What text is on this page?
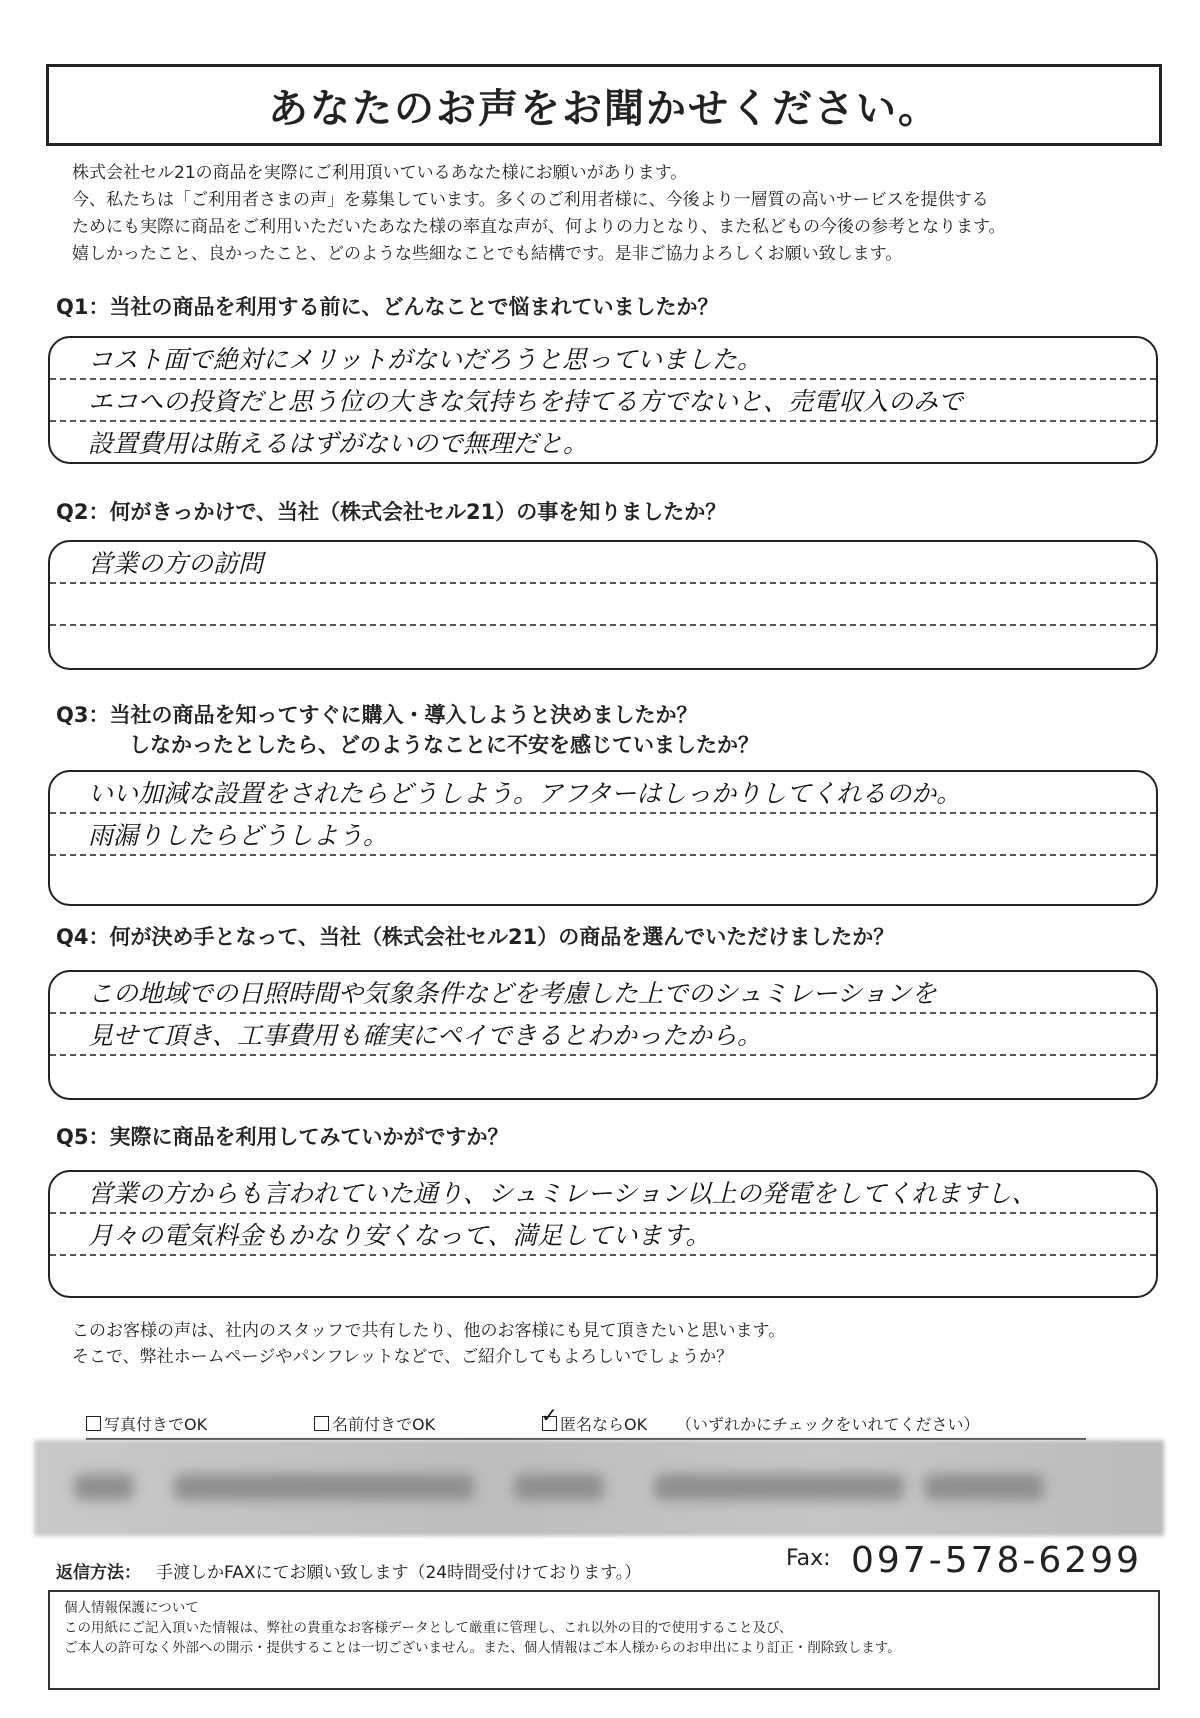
あなたのお声をお聞かせください。

株式会社セル21の商品を実際にご利用頂いているあなた様にお願いがあります。

今、私たちは「ご利用者さまの声」を募集しています。多くのご利用者様に、今後より一層質の高いサービスを提供する

ためにも実際に商品をご利用いただいたあなた様の率直な声が、何よりの力となり、また私どもの今後の参考となります。

嬉しかったこと、良かったこと、どのような些細なことでも結構です。是非ご協力よろしくお願い致します。

Q1：当社の商品を利用する前に、どんなことで悩まれていましたか？
コスト面で絶対にメリットがないだろうと思っていました。
エコへの投資だと思う位の大きな気持ちを持てる方でないと、売電収入のみで
設置費用は賄えるはずがないので無理だと。
Q2：何がきっかけで、当社（株式会社セル21）の事を知りましたか？
営業の方の訪問
Q3：当社の商品を知ってすぐに購入・導入しようと決めましたか？
しなかったとしたら、どのようなことに不安を感じていましたか？
いい加減な設置をされたらどうしよう。アフターはしっかりしてくれるのか。
雨漏りしたらどうしよう。
Q4：何が決め手となって、当社（株式会社セル21）の商品を選んでいただけましたか？
この地域での日照時間や気象条件などを考慮した上でのシュミレーションを
見せて頂き、工事費用も確実にペイできるとわかったから。
Q5：実際に商品を利用してみていかがですか？
営業の方からも言われていた通り、シュミレーション以上の発電をしてくれますし、
月々の電気料金もかなり安くなって、満足しています。

このお客様の声は、社内のスタッフで共有したり、他のお客様にも見て頂きたいと思います。

そこで、弊社ホームページやパンフレットなどで、ご紹介してもよろしいでしょうか？

写真付きでOK	名前付きでOK
✓	匿名ならOK （いずれかにチェックをいれてください）
返信方法： 手渡しかFAXにてお願い致します（24時間受付けております。）
Fax: 097-578-6299

個人情報保護について

この用紙にご記入頂いた情報は、弊社の貴重なお客様データとして厳重に管理し、これ以外の目的で使用すること及び、

ご本人の許可なく外部への開示・提供することは一切ございません。また、個人情報はご本人様からのお申出により訂正・削除致します。
